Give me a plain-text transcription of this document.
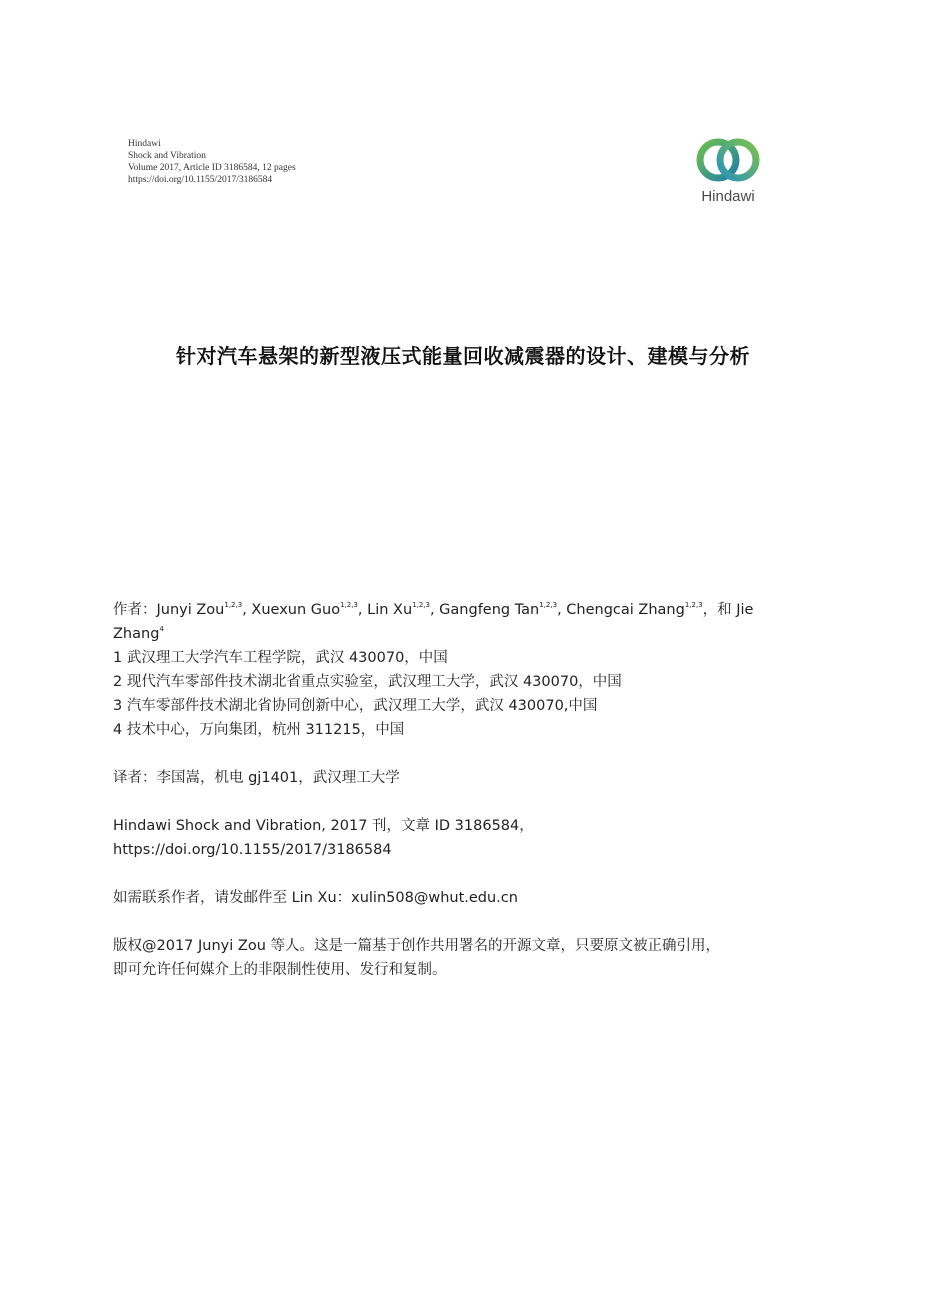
Hindawi
Shock and Vibration
Volume 2017, Article ID 3186584, 12 pages
https://doi.org/10.1155/2017/3186584
Hindawi
针对汽车悬架的新型液压式能量回收减震器的设计、建模与分析
作者：Junyi Zou$^{1,2,3}$, Xuexun Guo$^{1,2,3}$, Lin Xu$^{1,2,3}$, Gangfeng Tan$^{1,2,3}$, Chengcai Zhang$^{1,2,3}$，和 Jie
Zhang$^4$
1 武汉理工大学汽车工程学院，武汉 430070，中国
2 现代汽车零部件技术湖北省重点实验室，武汉理工大学，武汉 430070，中国
3 汽车零部件技术湖北省协同创新中心，武汉理工大学，武汉 430070,中国
4 技术中心，万向集团，杭州 311215，中国
译者：李国嵩，机电 gj1401，武汉理工大学
Hindawi Shock and Vibration, 2017 刊，文章 ID 3186584，
https://doi.org/10.1155/2017/3186584
如需联系作者，请发邮件至 Lin Xu：xulin508@whut.edu.cn
版权@2017 Junyi Zou 等人。这是一篇基于创作共用署名的开源文章，只要原文被正确引用，
即可允许任何媒介上的非限制性使用、发行和复制。
